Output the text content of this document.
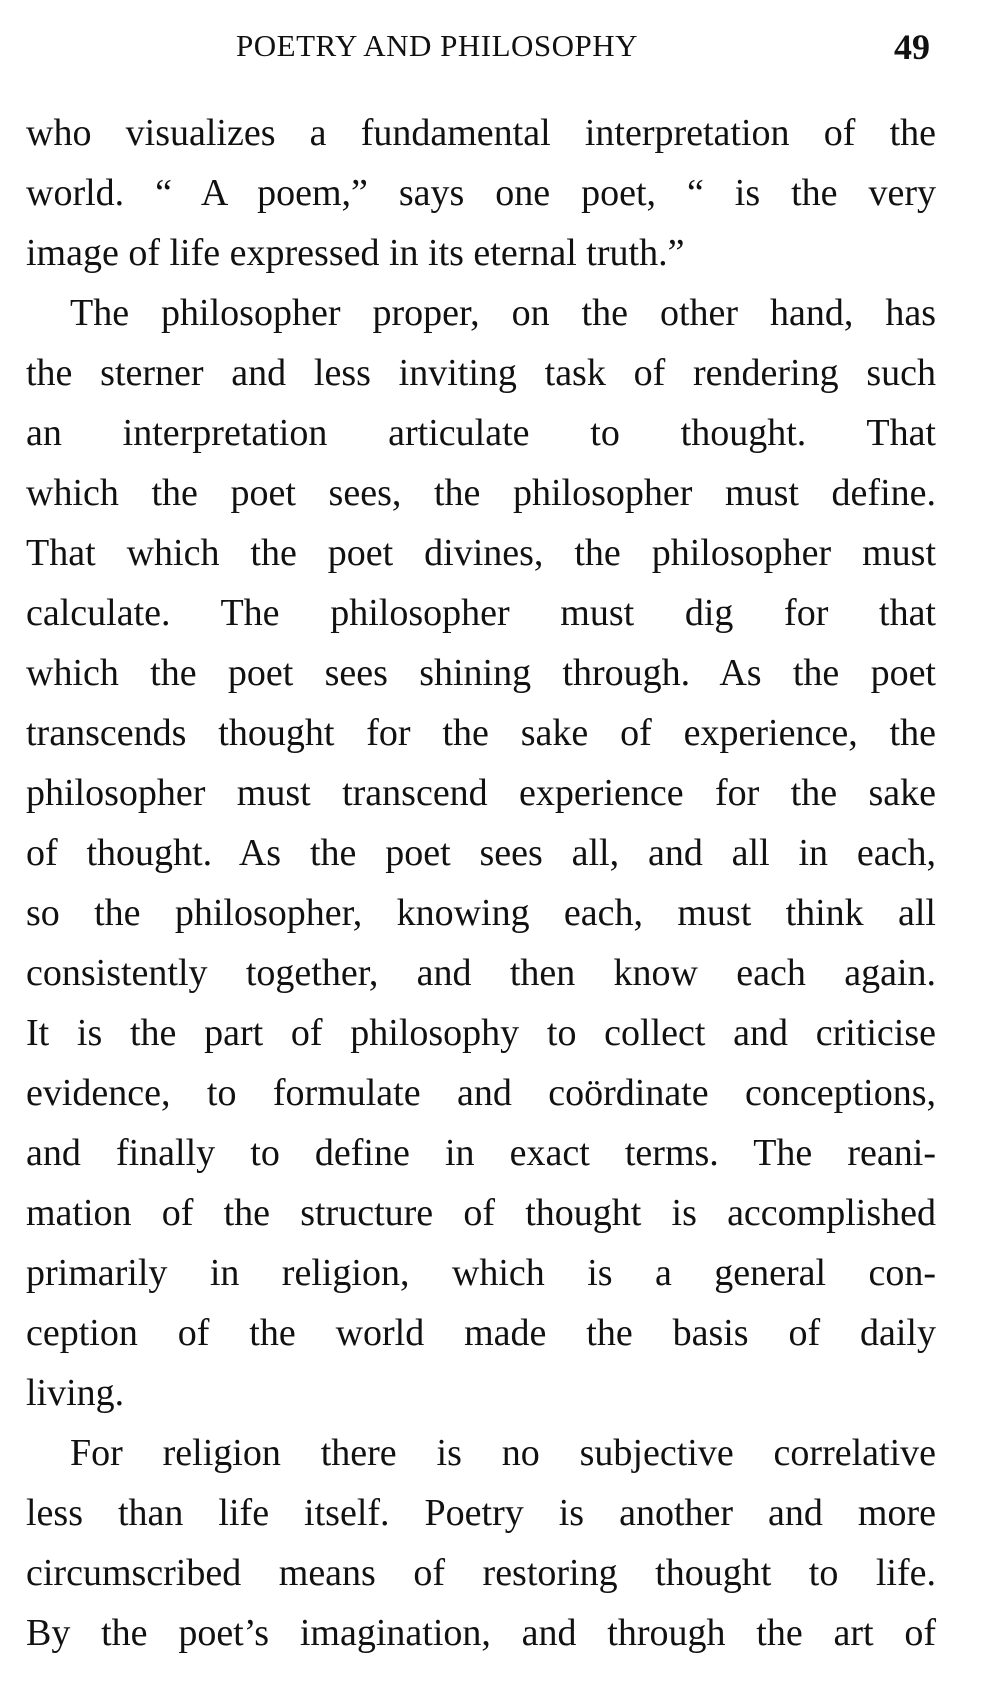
POETRY AND PHILOSOPHY	49
who visualizes a fundamental interpretation of the
world. “ A poem,” says one poet, “ is the very
image of life expressed in its eternal truth.”
The philosopher proper, on the other hand, has
the sterner and less inviting task of rendering such
an interpretation articulate to thought. That
which the poet sees, the philosopher must define.
That which the poet divines, the philosopher must
calculate. The philosopher must dig for that
which the poet sees shining through. As the poet
transcends thought for the sake of experience, the
philosopher must transcend experience for the sake
of thought. As the poet sees all, and all in each,
so the philosopher, knowing each, must think all
consistently together, and then know each again.
It is the part of philosophy to collect and criticise
evidence, to formulate and coördinate conceptions,
and finally to define in exact terms. The reani-
mation of the structure of thought is accomplished
primarily in religion, which is a general con-
ception of the world made the basis of daily
living.
For religion there is no subjective correlative
less than life itself. Poetry is another and more
circumscribed means of restoring thought to life.
By the poet’s imagination, and through the art of
